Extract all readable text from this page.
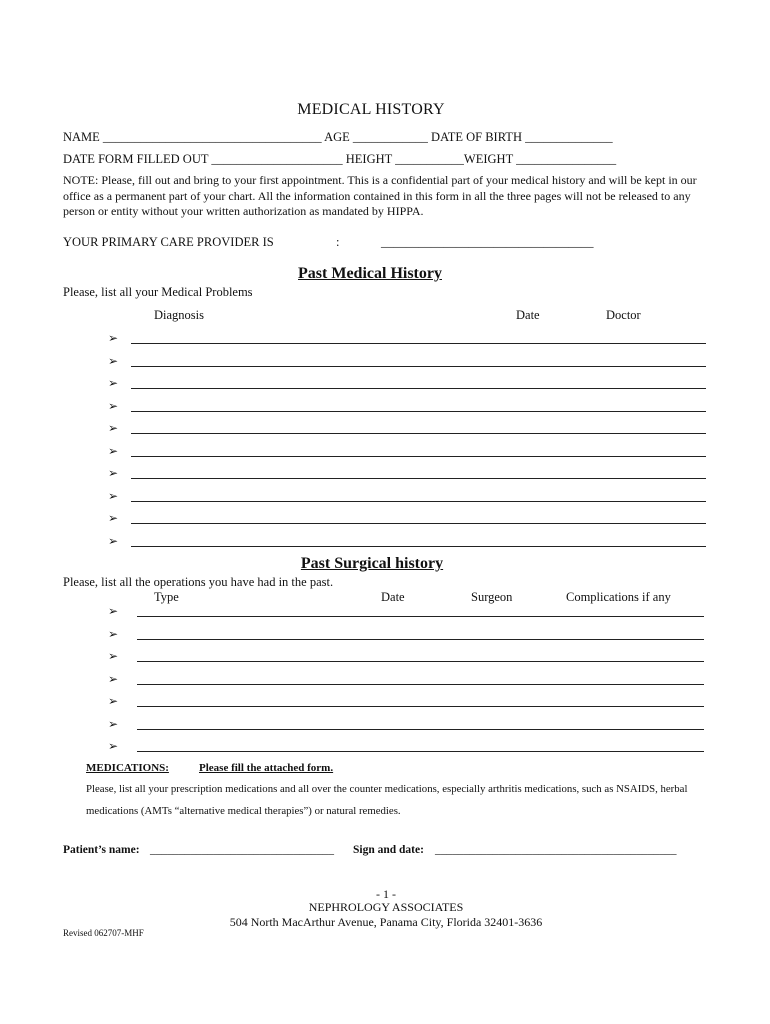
MEDICAL HISTORY
NAME ___________________________________ AGE ____________ DATE OF BIRTH ______________
DATE FORM FILLED OUT _____________________ HEIGHT ___________WEIGHT ________________
NOTE: Please, fill out and bring to your first appointment. This is a confidential part of your medical history and will be kept in our office as a permanent part of your chart. All the information contained in this form in all the three pages will not be released to any person or entity without your written authorization as mandated by HIPPA.
YOUR PRIMARY CARE PROVIDER IS	:	__________________________________
Past Medical History
Please, list all your Medical Problems
Diagnosis	Date	Doctor
➢
➢
➢
➢
➢
➢
➢
➢
➢
➢
Past Surgical history
Please, list all the operations you have had in the past.
Type	Date	Surgeon	Complications if any
➢
➢
➢
➢
➢
➢
➢
MEDICATIONS:	Please fill the attached form.
Please, list all your prescription medications and all over the counter medications, especially arthritis medications, such as NSAIDS, herbal medications (AMTs “alternative medical therapies”) or natural remedies.
Patient’s name: ________________________________ Sign and date: __________________________________________
- 1 -
NEPHROLOGY ASSOCIATES
504 North MacArthur Avenue, Panama City, Florida 32401-3636
Revised 062707-MHF
